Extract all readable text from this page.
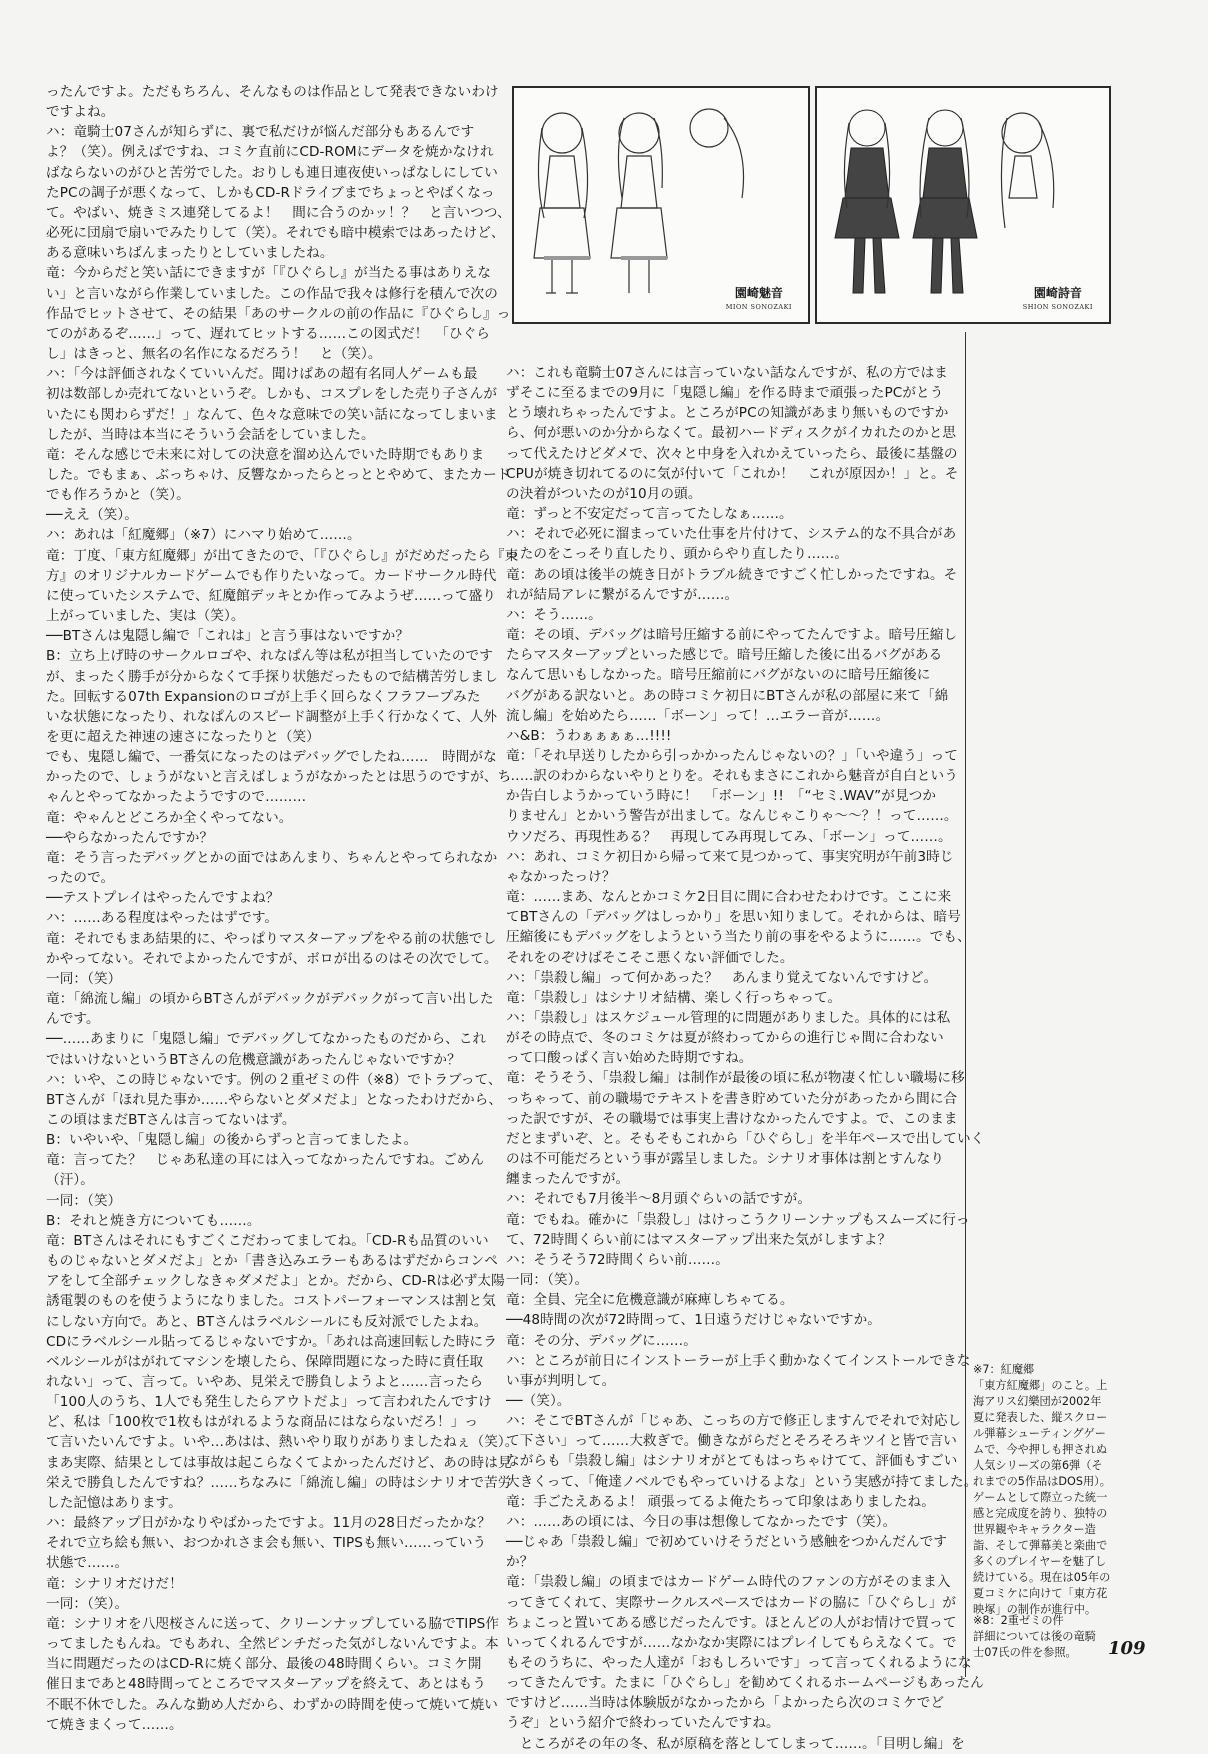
ったんですよ。ただもちろん、そんなものは作品として発表できないわけ

ですよね。

ハ：竜騎士07さんが知らずに、裏で私だけが悩んだ部分もあるんです

よ？（笑）。例えばですね、コミケ直前にCD-ROMにデータを焼かなけれ

ばならないのがひと苦労でした。おりしも連日連夜使いっぱなしにしてい

たPCの調子が悪くなって、しかもCD-Rドライブまでちょっとやばくなっ

て。やばい、焼きミス連発してるよ！　間に合うのかッ！？　と言いつつ、

必死に団扇で扇いでみたりして（笑）。それでも暗中模索ではあったけど、

ある意味いちばんまったりとしていましたね。

竜：今からだと笑い話にできますが「『ひぐらし』が当たる事はありえな

い」と言いながら作業していました。この作品で我々は修行を積んで次の

作品でヒットさせて、その結果「あのサークルの前の作品に『ひぐらし』っ

てのがあるぞ……」って、遅れてヒットする……この図式だ！　「ひぐら

し」はきっと、無名の名作になるだろう！　と（笑）。

ハ：「今は評価されなくていいんだ。聞けばあの超有名同人ゲームも最

初は数部しか売れてないというぞ。しかも、コスプレをした売り子さんが

いたにも関わらずだ！」なんて、色々な意味での笑い話になってしまいま

したが、当時は本当にそういう会話をしていました。

竜：そんな感じで未来に対しての決意を溜め込んでいた時期でもありま

した。でもまぁ、ぶっちゃけ、反響なかったらとっととやめて、またカード

でも作ろうかと（笑）。

──ええ（笑）。

ハ：あれは「紅魔郷」（※7）にハマり始めて……。

竜：丁度、「東方紅魔郷」が出てきたので、「『ひぐらし』がだめだったら『東

方』のオリジナルカードゲームでも作りたいなって。カードサークル時代

に使っていたシステムで、紅魔館デッキとか作ってみようぜ……って盛り

上がっていました、実は（笑）。

──BTさんは鬼隠し編で「これは」と言う事はないですか？

B：立ち上げ時のサークルロゴや、れなぱん等は私が担当していたのです

が、まったく勝手が分からなくて手探り状態だったもので結構苦労しまし

た。回転する07th Expansionのロゴが上手く回らなくフラフープみた

いな状態になったり、れなぱんのスピード調整が上手く行かなくて、人外

を更に超えた神速の速さになったりと（笑）

でも、鬼隠し編で、一番気になったのはデバッグでしたね……　時間がな

かったので、しょうがないと言えばしょうがなかったとは思うのですが、ち

ゃんとやってなかったようですので………

竜：やゃんとどころか全くやってない。

──やらなかったんですか？

竜：そう言ったデバッグとかの面ではあんまり、ちゃんとやってられなか

ったので。

──テストプレイはやったんですよね？

ハ：……ある程度はやったはずです。

竜：それでもまあ結果的に、やっぱりマスターアップをやる前の状態でし

かやってない。それでよかったんですが、ボロが出るのはその次でして。

一同：（笑）

竜：「綿流し編」の頃からBTさんがデバックがデバックがって言い出した

んです。

──……あまりに「鬼隠し編」でデバッグしてなかったものだから、これ

ではいけないというBTさんの危機意識があったんじゃないですか？

ハ：いや、この時じゃないです。例の２重ゼミの件（※8）でトラブって、

BTさんが「ほれ見た事か……やらないとダメだよ」となったわけだから、

この頃はまだBTさんは言ってないはず。

B：いやいや、「鬼隠し編」の後からずっと言ってましたよ。

竜：言ってた？　じゃあ私達の耳には入ってなかったんですね。ごめん

（汗）。

一同：（笑）

B：それと焼き方についても……。

竜：BTさんはそれにもすごくこだわってましてね。「CD-Rも品質のいい

ものじゃないとダメだよ」とか「書き込みエラーもあるはずだからコンペ

アをして全部チェックしなきゃダメだよ」とか。だから、CD-Rは必ず太陽

誘電製のものを使うようになりました。コストパーフォーマンスは割と気

にしない方向で。あと、BTさんはラベルシールにも反対派でしたよね。

CDにラベルシール貼ってるじゃないですか。「あれは高速回転した時にラ

ベルシールがはがれてマシンを壊したら、保障問題になった時に責任取

れない」って、言って。いやあ、見栄えで勝負しようよと……言ったら

「100人のうち、1人でも発生したらアウトだよ」って言われたんですけ

ど、私は「100枚で1枚もはがれるような商品にはならないだろ！」っ

て言いたいんですよ。いや…あはは、熱いやり取りがありましたねぇ（笑）。

まあ実際、結果としては事故は起こらなくてよかったんだけど、あの時は見

栄えで勝負したんですね？……ちなみに「綿流し編」の時はシナリオで苦労

した記憶はあります。

ハ：最終アップ日がかなりやばかったですよ。11月の28日だったかな？

それで立ち絵も無い、おつかれさま会も無い、TIPSも無い……っていう

状態で……。

竜：シナリオだけだ！

一同：（笑）。

竜：シナリオを八咫桜さんに送って、クリーンナップしている脇でTIPS作

ってましたもんね。でもあれ、全然ピンチだった気がしないんですよ。本

当に問題だったのはCD-Rに焼く部分、最後の48時間くらい。コミケ開

催日まであと48時間ってところでマスターアップを終えて、あとはもう

不眠不休でした。みんな勤め人だから、わずかの時間を使って焼いて焼い

て焼きまくって……。

園崎魅音
MION SONOZAKI
園崎詩音
SHION SONOZAKI

ハ：これも竜騎士07さんには言っていない話なんですが、私の方ではま

ずそこに至るまでの9月に「鬼隠し編」を作る時まで頑張ったPCがとう

とう壊れちゃったんですよ。ところがPCの知識があまり無いものですか

ら、何が悪いのか分からなくて。最初ハードディスクがイカれたのかと思

って代えたけどダメで、次々と中身を入れかえていったら、最後に基盤の

CPUが焼き切れてるのに気が付いて「これか！　これが原因か！」と。そ

の決着がついたのが10月の頭。

竜：ずっと不安定だって言ってたしなぁ……。

ハ：それで必死に溜まっていた仕事を片付けて、システム的な不具合があ

ったのをこっそり直したり、頭からやり直したり……。

竜：あの頃は後半の焼き日がトラブル続きですごく忙しかったですね。そ

れが結局アレに繋がるんですが……。

ハ：そう……。

竜：その頃、デバッグは暗号圧縮する前にやってたんですよ。暗号圧縮し

たらマスターアップといった感じで。暗号圧縮した後に出るバグがある

なんて思いもしなかった。暗号圧縮前にバグがないのに暗号圧縮後に

バグがある訳ないと。あの時コミケ初日にBTさんが私の部屋に来て「綿

流し編」を始めたら……「ボーン」って！…エラー音が……。

ハ&B：うわぁぁぁぁ…!!!!

竜：「それ早送りしたから引っかかったんじゃないの？」「いや違う」って

……訳のわからないやりとりを。それもまさにこれから魅音が自白という

か告白しようかっていう時に！　「ボーン」!!　「“セミ.WAV”が見つか

りません」とかいう警告が出まして。なんじゃこりゃ〜〜？！って……。

ウソだろ、再現性ある？　再現してみ再現してみ、「ボーン」って……。

ハ：あれ、コミケ初日から帰って来て見つかって、事実究明が午前3時じ

ゃなかったっけ？

竜：……まあ、なんとかコミケ2日目に間に合わせたわけです。ここに来

てBTさんの「デバッグはしっかり」を思い知りまして。それからは、暗号

圧縮後にもデバッグをしようという当たり前の事をやるように……。でも、

それをのぞけばそこそこ悪くない評価でした。

ハ：「祟殺し編」って何かあった？　あんまり覚えてないんですけど。

竜：「祟殺し」はシナリオ結構、楽しく行っちゃって。

ハ：「祟殺し」はスケジュール管理的に問題がありました。具体的には私

がその時点で、冬のコミケは夏が終わってからの進行じゃ間に合わない

って口酸っぱく言い始めた時期ですね。

竜：そうそう、「祟殺し編」は制作が最後の頃に私が物凄く忙しい職場に移

っちゃって、前の職場でテキストを書き貯めていた分があったから間に合

った訳ですが、その職場では事実上書けなかったんですよ。で、このまま

だとまずいぞ、と。そもそもこれから「ひぐらし」を半年ペースで出していく

のは不可能だろという事が露呈しました。シナリオ事体は割とすんなり

纏まったんですが。

ハ：それでも7月後半〜8月頭ぐらいの話ですが。

竜：でもね。確かに「祟殺し」はけっこうクリーンナップもスムーズに行っ

て、72時間くらい前にはマスターアップ出来た気がしますよ？

ハ：そうそう72時間くらい前……。

一同：（笑）。

竜：全員、完全に危機意識が麻痺しちゃてる。

──48時間の次が72時間って、1日遠うだけじゃないですか。

竜：その分、デバッグに……。

ハ：ところが前日にインストーラーが上手く動かなくてインストールできな

い事が判明して。

──（笑）。

ハ：そこでBTさんが「じゃあ、こっちの方で修正しますんでそれで対応し

て下さい」って……大救ぎで。働きながらだとそろそろキツイと皆で言い

ながらも「祟殺し編」はシナリオがとてもはっちゃけてて、評価もすごい

大きくって、「俺達ノベルでもやっていけるよな」という実感が持てました。

竜：手ごたえあるよ！ 頑張ってるよ俺たちって印象はありましたね。

ハ：……あの頃には、今日の事は想像してなかったです（笑）。

──じゃあ「祟殺し編」で初めていけそうだという感触をつかんだんです

か？

竜：「祟殺し編」の頃まではカードゲーム時代のファンの方がそのまま入

ってきてくれて、実際サークルスペースではカードの脇に「ひぐらし」が

ちょこっと置いてある感じだったんです。ほとんどの人がお情けで買って

いってくれるんですが……なかなか実際にはプレイしてもらえなくて。で

もそのうちに、やった人達が「おもしろいです」って言ってくれるようにな

ってきたんです。たまに「ひぐらし」を勧めてくれるホームページもあったん

ですけど……当時は体験版がなかったから「よかったら次のコミケでど

うぞ」という紹介で終わっていたんですね。

　ところがその年の冬、私が原稿を落としてしまって……。「目明し編」を

※7：紅魔郷

「東方紅魔郷」のこと。上

海アリス幻樂団が2002年

夏に発表した、縦スクロー

ル弾幕シューティングゲー

ムで、今や押しも押されぬ

人気シリーズの第6弾（そ

れまでの5作品はDOS用）。

ゲームとして際立った統一

感と完成度を誇り、独特の

世界観やキャラクター造

詣、そして弾幕美と楽曲で

多くのプレイヤーを魅了し

続けている。現在は05年の

夏コミケに向けて「東方花

映塚」の制作が進行中。

※8：2重ゼミの件

詳細については後の竜騎

士07氏の件を参照。	109
